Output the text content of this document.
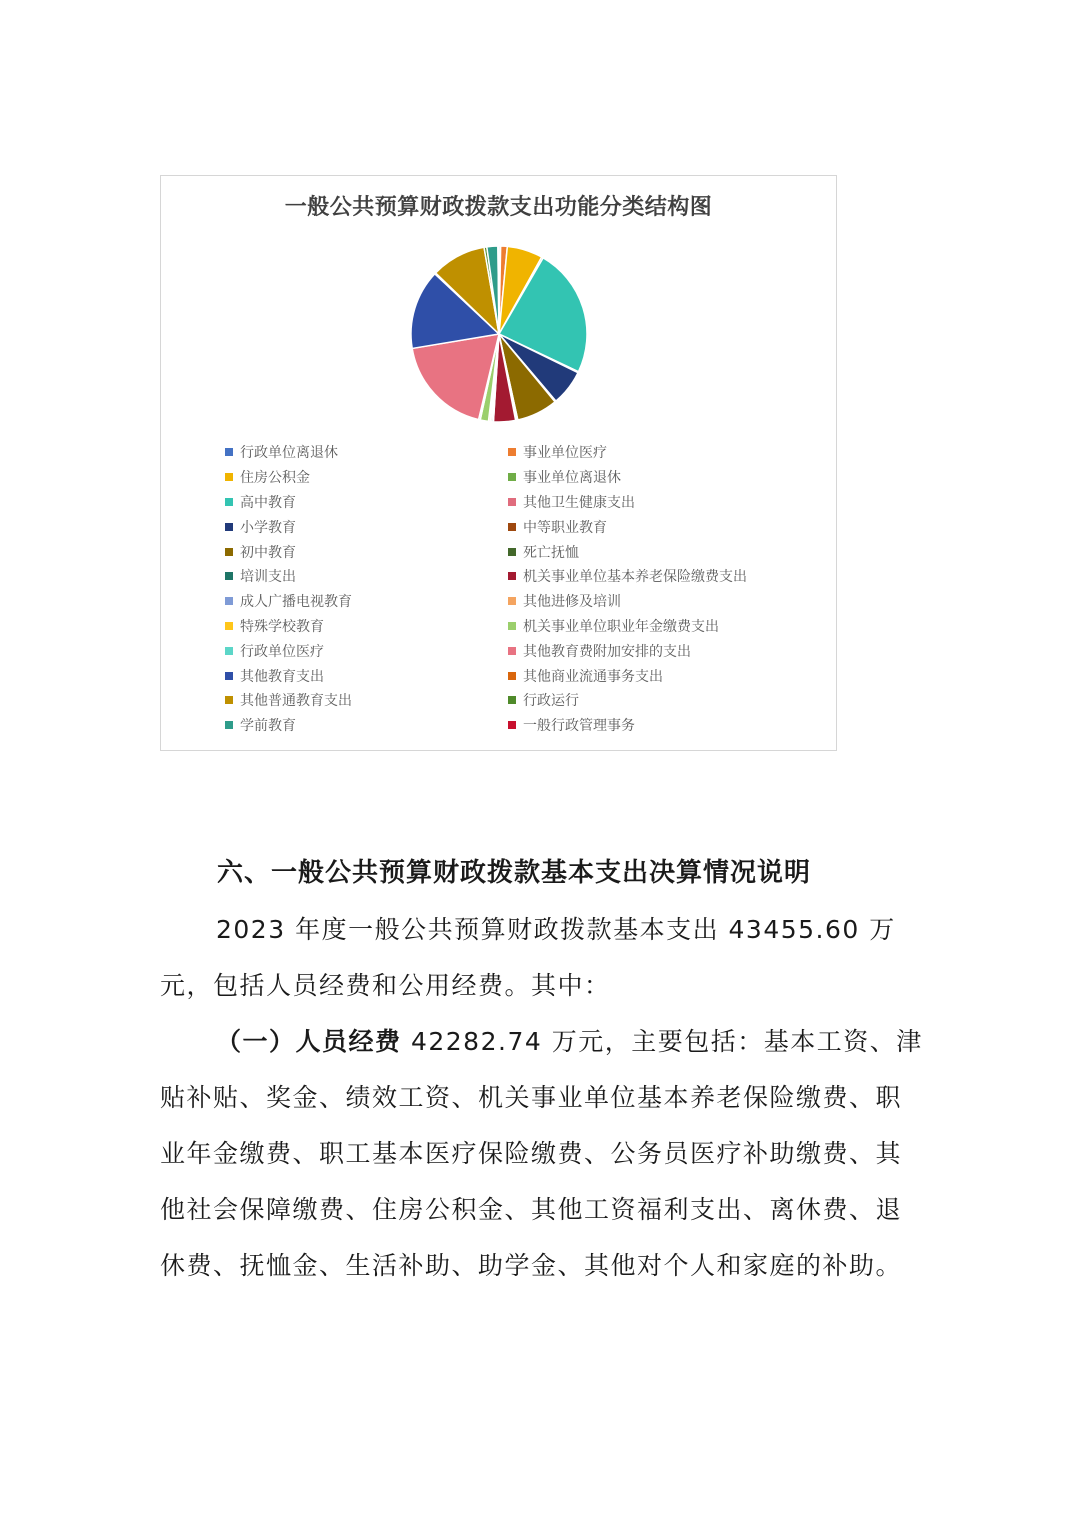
一般公共预算财政拨款支出功能分类结构图
行政单位离退休	事业单位医疗
住房公积金	事业单位离退休
高中教育	其他卫生健康支出
小学教育	中等职业教育
初中教育	死亡抚恤
培训支出	机关事业单位基本养老保险缴费支出
成人广播电视教育	其他进修及培训
特殊学校教育	机关事业单位职业年金缴费支出
行政单位医疗	其他教育费附加安排的支出
其他教育支出	其他商业流通事务支出
其他普通教育支出	行政运行
学前教育	一般行政管理事务
六、一般公共预算财政拨款基本支出决算情况说明
2023 年度一般公共预算财政拨款基本支出 43455.60 万元，包括人员经费和公用经费。其中：
（一）人员经费 42282.74 万元，主要包括：基本工资、津贴补贴、奖金、绩效工资、机关事业单位基本养老保险缴费、职业年金缴费、职工基本医疗保险缴费、公务员医疗补助缴费、其他社会保障缴费、住房公积金、其他工资福利支出、离休费、退休费、抚恤金、生活补助、助学金、其他对个人和家庭的补助。
